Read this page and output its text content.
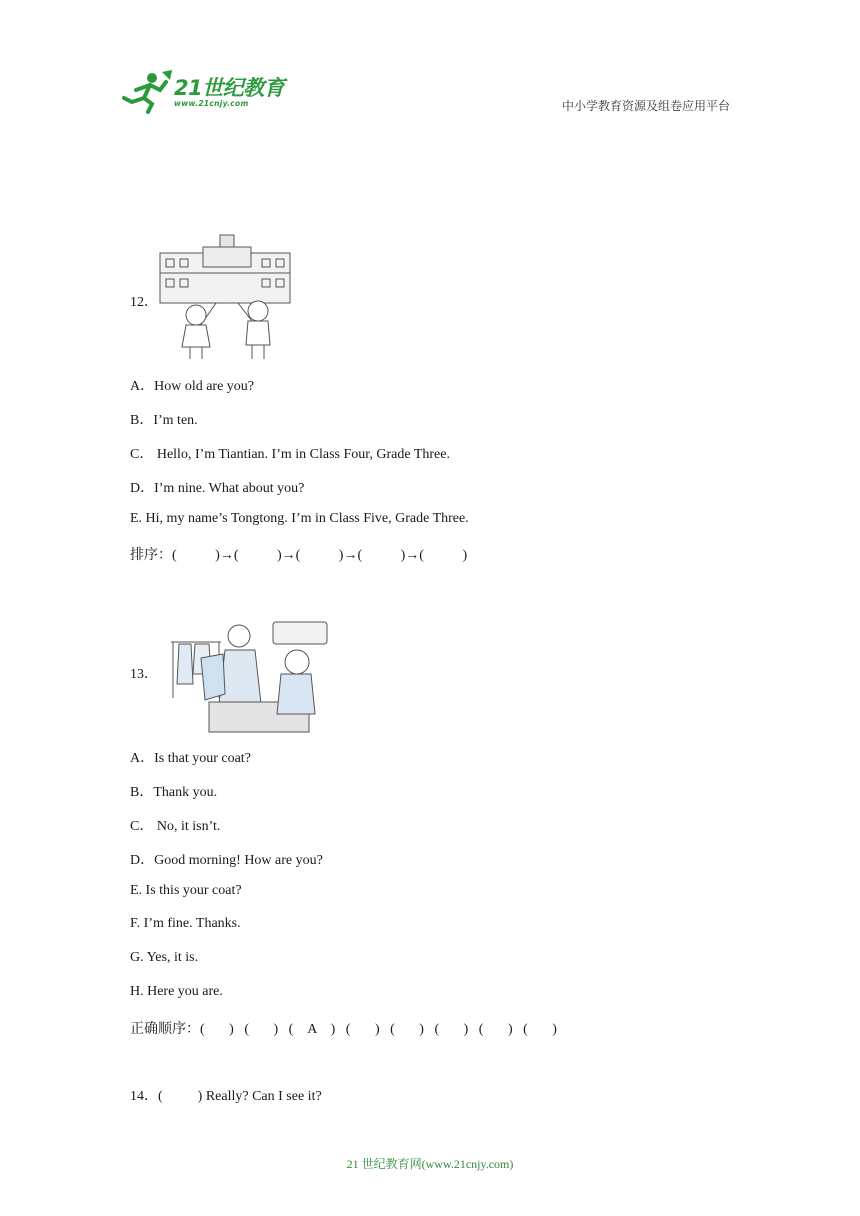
21世纪教育
www.21cnjy.com	中小学教育资源及组卷应用平台
12．
A．How old are you?
B．I’m ten.
C． Hello, I’m Tiantian. I’m in Class Four, Grade Three.
D．I’m nine. What about you?
E. Hi, my name’s Tongtong. I’m in Class Five, Grade Three.
排序：(           )→(           )→(           )→(           )→(           )
13．
A．Is that your coat?
B．Thank you.
C． No, it isn’t.
D．Good morning! How are you?
E. Is this your coat?
F. I’m fine. Thanks.
G. Yes, it is.
H. Here you are.
正确顺序：(       )   (       )   (    A    )   (       )   (       )   (       )   (       )   (       )
14．(          ) Really? Can I see it?
21 世纪教育网(www.21cnjy.com)
